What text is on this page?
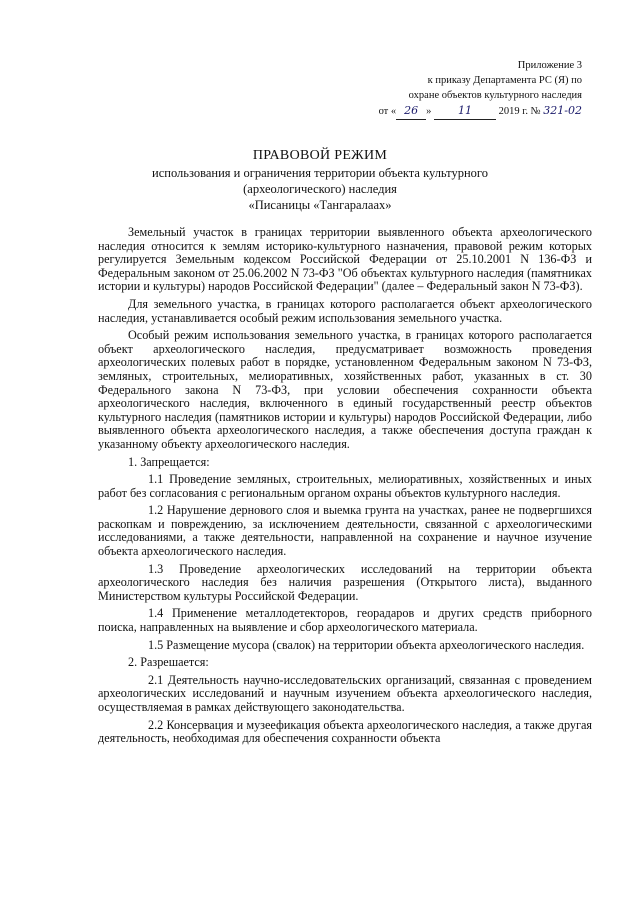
Приложение 3
к приказу Департамента РС (Я) по
охране объектов культурного наследия
от « 26 » 11	2019 г. № 321-02
ПРАВОВОЙ РЕЖИМ
использования и ограничения территории объекта культурного
(археологического) наследия
«Писаницы «Тангаралаах»

Земельный участок в границах территории выявленного объекта археологического наследия относится к землям историко-культурного назначения, правовой режим которых регулируется Земельным кодексом Российской Федерации от 25.10.2001 N 136-ФЗ и Федеральным законом от 25.06.2002 N 73-ФЗ "Об объектах культурного наследия (памятниках истории и культуры) народов Российской Федерации" (далее – Федеральный закон N 73-ФЗ).

Для земельного участка, в границах которого располагается объект археологического наследия, устанавливается особый режим использования земельного участка.

Особый режим использования земельного участка, в границах которого располагается объект археологического наследия, предусматривает возможность проведения археологических полевых работ в порядке, установленном Федеральным законом N 73-ФЗ, земляных, строительных, мелиоративных, хозяйственных работ, указанных в ст. 30 Федерального закона N 73-ФЗ, при условии обеспечения сохранности объекта археологического наследия, включенного в единый государственный реестр объектов культурного наследия (памятников истории и культуры) народов Российской Федерации, либо выявленного объекта археологического наследия, а также обеспечения доступа граждан к указанному объекту археологического наследия.

1. Запрещается:

1.1 Проведение земляных, строительных, мелиоративных, хозяйственных и иных работ без согласования с региональным органом охраны объектов культурного наследия.

1.2 Нарушение дернового слоя и выемка грунта на участках, ранее не подвергшихся раскопкам и повреждению, за исключением деятельности, связанной с археологическими исследованиями, а также деятельности, направленной на сохранение и научное изучение объекта археологического наследия.

1.3 Проведение археологических исследований на территории объекта археологического наследия без наличия разрешения (Открытого листа), выданного Министерством культуры Российской Федерации.

1.4 Применение металлодетекторов, георадаров и других средств приборного поиска, направленных на выявление и сбор археологического материала.

1.5 Размещение мусора (свалок) на территории объекта археологического наследия.

2. Разрешается:

2.1 Деятельность научно-исследовательских организаций, связанная с проведением археологических исследований и научным изучением объекта археологического наследия, осуществляемая в рамках действующего законодательства.

2.2 Консервация и музеефикация объекта археологического наследия, а также другая деятельность, необходимая для обеспечения сохранности объекта
